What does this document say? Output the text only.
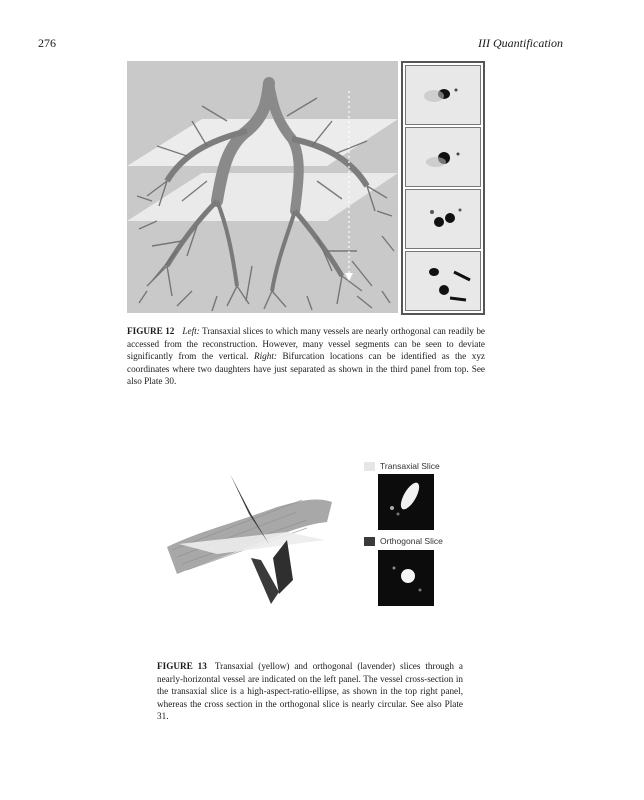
276	III Quantification
FIGURE 12 Left: Transaxial slices to which many vessels are nearly orthogonal can readily be accessed from the reconstruction. However, many vessel segments can be seen to deviate significantly from the vertical. Right: Bifurcation locations can be identified as the xyz coordinates where two daughters have just separated as shown in the third panel from top. See also Plate 30.
Transaxial Slice
Orthogonal Slice
FIGURE 13 Transaxial (yellow) and orthogonal (lavender) slices through a nearly-horizontal vessel are indicated on the left panel. The vessel cross-section in the transaxial slice is a high-aspect-ratio-ellipse, as shown in the top right panel, whereas the cross section in the orthogonal slice is nearly circular. See also Plate 31.
